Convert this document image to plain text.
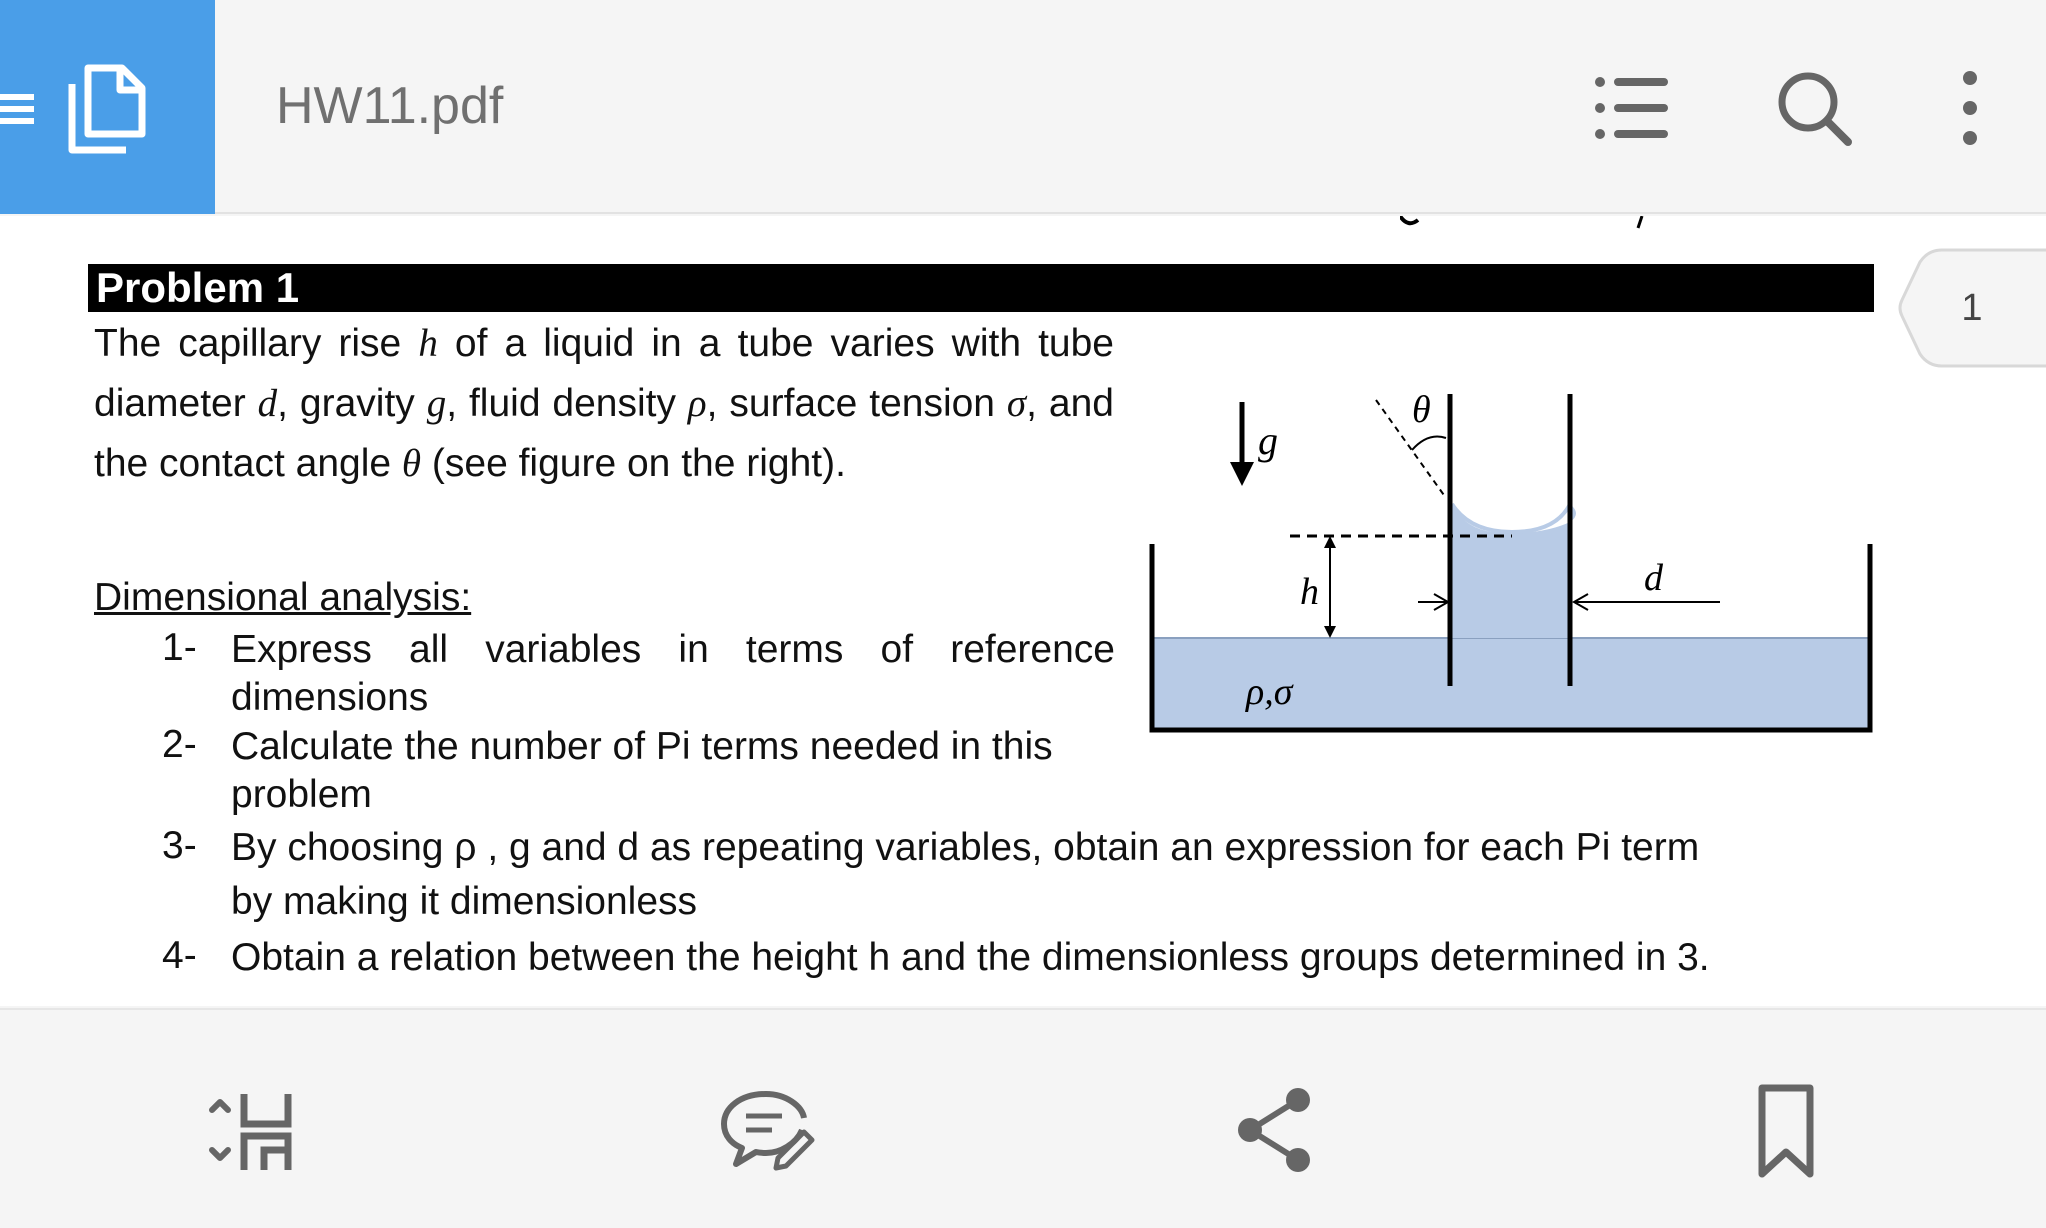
HW11.pdf
Problem 1
The capillary rise h of a liquid in a tube varies with tube diameter d, gravity g, fluid density ρ, surface tension σ, and the contact angle θ (see figure on the right).
Dimensional analysis:
1- Express all variables in terms of reference
dimensions
2- Calculate the number of Pi terms needed in this
problem
3- By choosing ρ , g and d as repeating variables, obtain an expression for each Pi term
by making it dimensionless
4- Obtain a relation between the height h and the dimensionless groups determined in 3.
θ
g
h	d
ρ,σ
1
